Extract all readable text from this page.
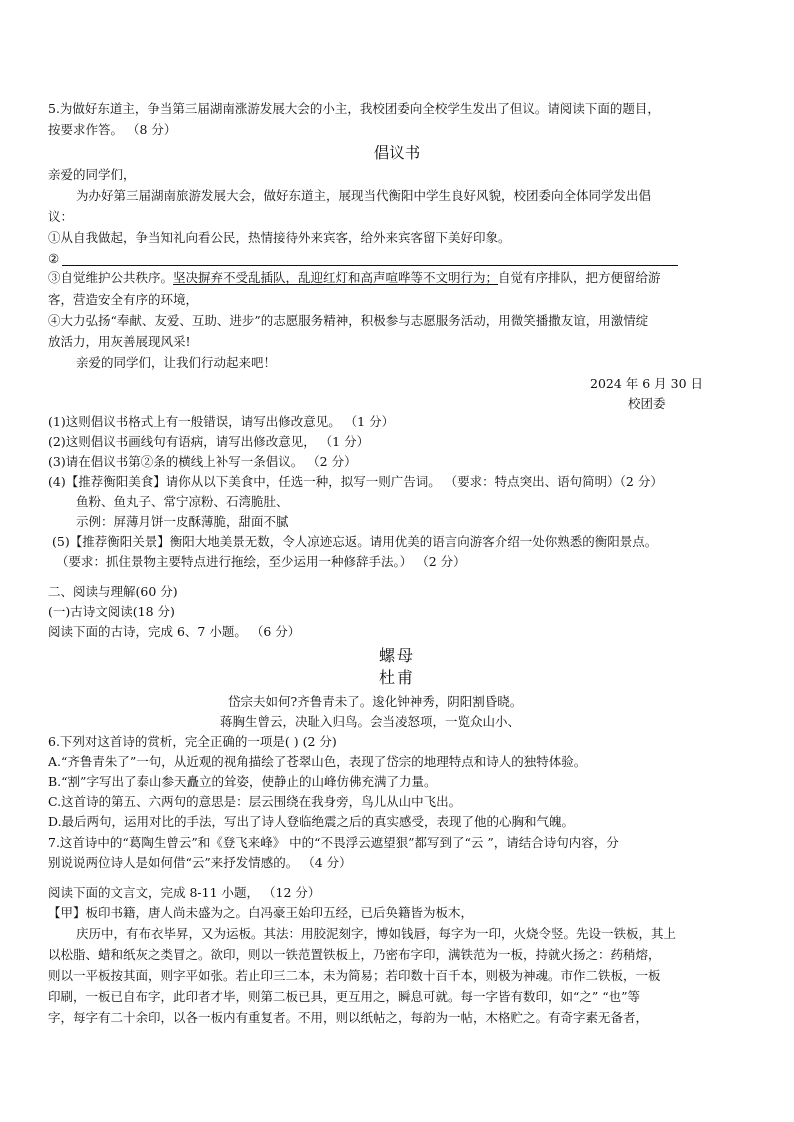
5.为做好东道主，争当第三届湖南涨游发展大会的小主，我校团委向全校学生发出了但议。请阅读下面的题目，
按要求作答。 （8 分）
倡议书
亲爱的同学们，
为办好第三届湖南旅游发展大会，做好东道主，展现当代衡阳中学生良好风貌，校团委向全体同学发出倡
议：
①从自我做起，争当知礼向看公民，热情接待外来宾客，给外来宾客留下美好印象。
②
③自觉维护公共秩序。坚决摒弃不受乱插队，乱迎红灯和高声喧哗等不文明行为；自觉有序排队，把方便留给游
客，营造安全有序的环境，
④大力弘扬“奉献、友爱、互助、进步”的志愿服务精神，积极参与志愿服务活动，用微笑播撒友谊，用激情绽
放活力，用灰善展现风采!
亲爱的同学们，让我们行动起来吧！
2024 年 6 月 30 日
校团委
(1)这则倡议书格式上有一般错误，请写出修改意见。 （1 分）
(2)这则倡议书画线句有语病，请写出修改意见， （1 分）
(3)请在倡议书第②条的横线上补写一条倡议。 （2 分）
(4)【推荐衡阳美食】请你从以下美食中，任选一种，拟写一则广告词。 （要求：特点突出、语句简明）（2 分）
鱼粉、鱼丸子、常宁凉粉、石湾脆肚、
示例：屏薄月饼一皮酥薄脆，甜面不腻
(5)【推荐衡阳关景】衡阳大地美景无数，令人凉迹忘返。请用优美的语言向游客介绍一处你熟悉的衡阳景点。
（要求：抓住景物主要特点进行拖绘，至少运用一种修辞手法。） （2 分）
二、阅读与理解(60 分)
(一)古诗文阅读(18 分)
阅读下面的古诗，完成 6、7 小题。 （6 分）
螺母
杜甫
岱宗夫如何?齐鲁青未了。逡化钟神秀，阴阳割昏晓。
蒋胸生曾云，决耻入归鸟。会当凌怒项，一览众山小、
6.下列对这首诗的赏析，完全正确的一项是( ) (2 分)
A.“齐鲁青朱了”一句，从近观的视角描绘了苍翠山色，表现了岱宗的地理特点和诗人的独特体验。
B.“割”字写出了泰山参天矗立的耸姿，使静止的山峰仿佛充满了力量。
C.这首诗的第五、六两句的意思是：层云围绕在我身旁，鸟儿从山中飞出。
D.最后两句，运用对比的手法，写出了诗人登临绝震之后的真实感受，表现了他的心胸和气魄。
7.这首诗中的“葛陶生曾云”和《登飞来峰》 中的“不畏浮云遮望狠”都写到了“云 ”，请结合诗句内容，分
别说说两位诗人是如何借“云”来抒发情感的。 （4 分）
阅读下面的文言文，完成 8-11 小题， （12 分）
【甲】板印书籍，唐人尚未盛为之。白冯豪王始印五经，已后奂籍皆为板木，
庆历中，有布衣毕昇，又为运板。其法：用胶泥刻字，博如钱唇，每字为一印，火烧令竖。先设一铁板，其上
以松脂、蜡和纸灰之类冒之。欲印，则以一铁范置铁板上，乃密布字印，满铁范为一板，持就火扬之：药稍熔，
则以一平板按其面，则字平如张。若止印三二本，未为简易；若印数十百千本，则极为神魂。市作二铁板，一板
印刷，一板已自布字，此印者才毕，则第二板已具，更互用之，瞬息可就。每一字皆有数印，如“之” “也”等
字，每字有二十余印，以各一板内有重复者。不用，则以纸帖之，每韵为一帖，木格贮之。有奇字素无备者，
